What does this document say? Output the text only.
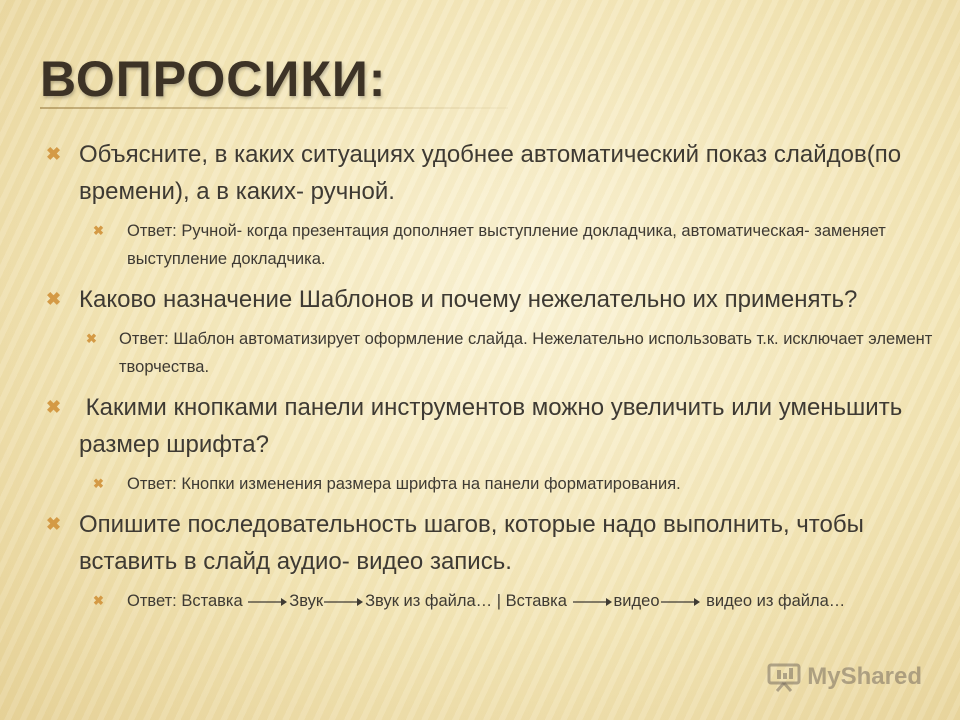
ВОПРОСИКИ:
✖ Объясните, в каких ситуациях удобнее автоматический показ слайдов(по времени), а в каких- ручной.
✖ Ответ: Ручной- когда презентация дополняет выступление докладчика, автоматическая- заменяет выступление докладчика.
✖ Каково назначение Шаблонов и почему нежелательно их применять?
✖ Ответ: Шаблон автоматизирует оформление слайда. Нежелательно использовать т.к. исключает элемент творчества.
✖ Какими кнопками панели инструментов можно увеличить или уменьшить размер шрифта?
✖ Ответ: Кнопки изменения размера шрифта на панели форматирования.
✖ Опишите последовательность шагов, которые надо выполнить, чтобы вставить в слайд аудио- видео запись.
✖ Ответ: Вставка	Звук	Звук из файла… | Вставка	видео	видео из файла…
MyShared
